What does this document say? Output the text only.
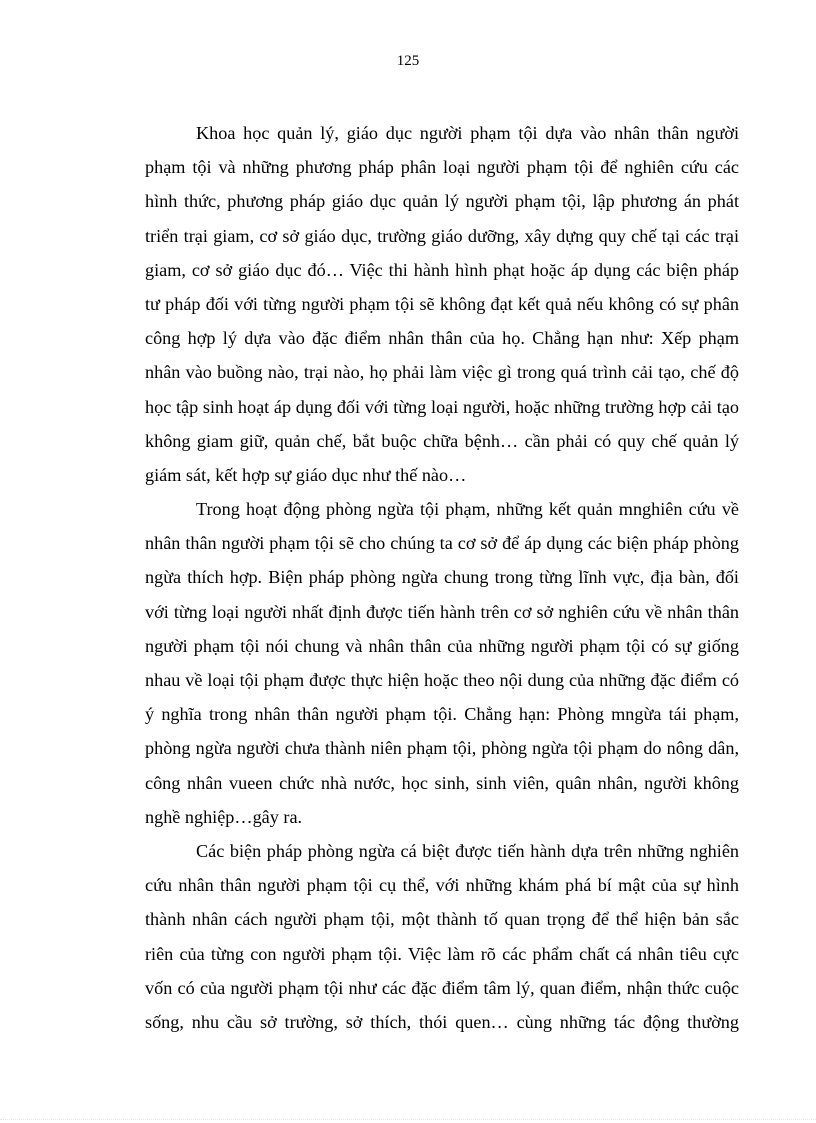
125
Khoa học quản lý, giáo dục người phạm tội dựa vào nhân thân người
phạm tội và những phương pháp phân loại người phạm tội để nghiên cứu các
hình thức, phương pháp giáo dục quản lý người phạm tội, lập phương án phát
triển trại giam, cơ sở giáo dục, trường giáo dưỡng, xây dựng quy chế tại các trại
giam, cơ sở giáo dục đó… Việc thi hành hình phạt hoặc áp dụng các biện pháp
tư pháp đối với từng người phạm tội sẽ không đạt kết quả nếu không có sự phân
công hợp lý dựa vào đặc điểm nhân thân của họ. Chẳng hạn như: Xếp phạm
nhân vào buồng nào, trại nào, họ phải làm việc gì trong quá trình cải tạo, chế độ
học tập sinh hoạt áp dụng đối với từng loại người, hoặc những trường hợp cải tạo
không giam giữ, quản chế, bắt buộc chữa bệnh… cần phải có quy chế quản lý
giám sát, kết hợp sự giáo dục như thế nào…
Trong hoạt động phòng ngừa tội phạm, những kết quản mnghiên cứu về
nhân thân người phạm tội sẽ cho chúng ta cơ sở để áp dụng các biện pháp phòng
ngừa thích hợp. Biện pháp phòng ngừa chung trong từng lĩnh vực, địa bàn, đối
với từng loại người nhất định được tiến hành trên cơ sở nghiên cứu về nhân thân
người phạm tội nói chung và nhân thân của những người phạm tội có sự giống
nhau về loại tội phạm được thực hiện hoặc theo nội dung của những đặc điểm có
ý nghĩa trong nhân thân người phạm tội. Chẳng hạn: Phòng mngừa tái phạm,
phòng ngừa người chưa thành niên phạm tội, phòng ngừa tội phạm do nông dân,
công nhân vueen chức nhà nước, học sinh, sinh viên, quân nhân, người không
nghề nghiệp…gây ra.
Các biện pháp phòng ngừa cá biệt được tiến hành dựa trên những nghiên
cứu nhân thân người phạm tội cụ thể, với những khám phá bí mật của sự hình
thành nhân cách người phạm tội, một thành tố quan trọng để thể hiện bản sắc
riên của từng con người phạm tội. Việc làm rõ các phẩm chất cá nhân tiêu cực
vốn có của người phạm tội như các đặc điểm tâm lý, quan điểm, nhận thức cuộc
sống, nhu cầu sở trường, sở thích, thói quen… cùng những tác động thường
